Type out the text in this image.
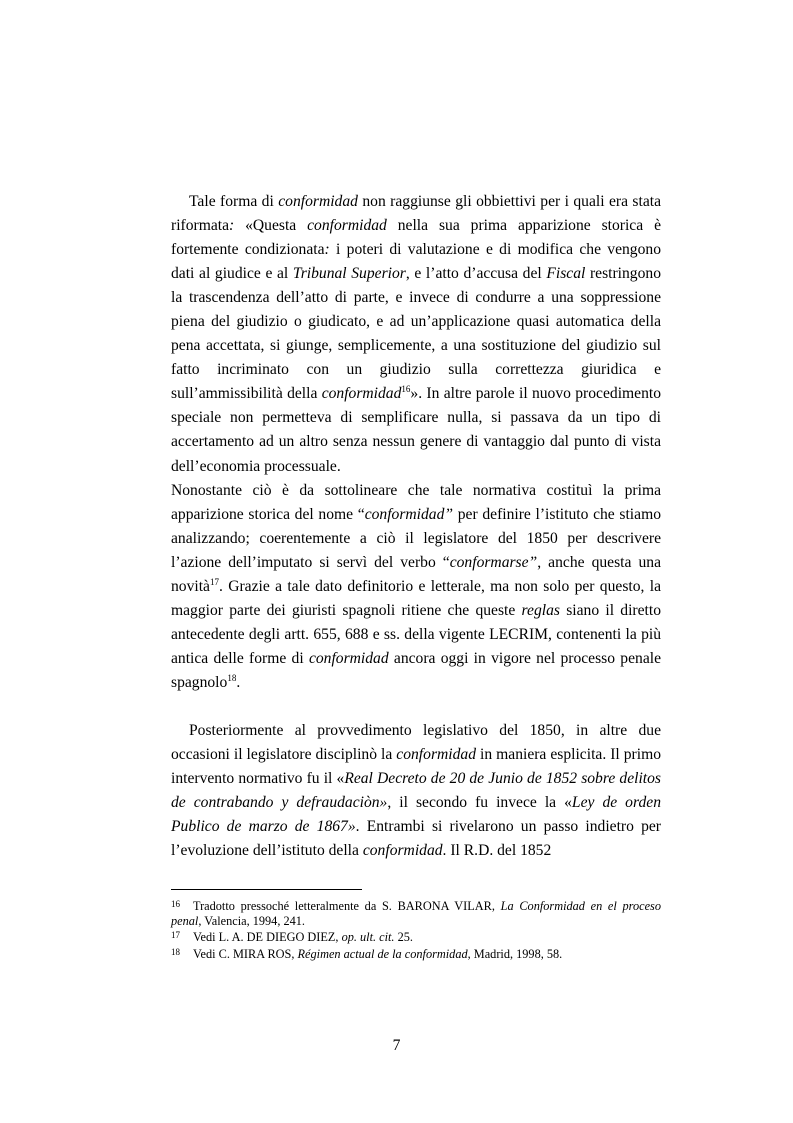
Tale forma di conformidad non raggiunse gli obbiettivi per i quali era stata riformata: «Questa conformidad nella sua prima apparizione storica è fortemente condizionata: i poteri di valutazione e di modifica che vengono dati al giudice e al Tribunal Superior, e l’atto d’accusa del Fiscal restringono la trascendenza dell’atto di parte, e invece di condurre a una soppressione piena del giudizio o giudicato, e ad un’applicazione quasi automatica della pena accettata, si giunge, semplicemente, a una sostituzione del giudizio sul fatto incriminato con un giudizio sulla correttezza giuridica e sull’ammissibilità della conformidad$^{16}$». In altre parole il nuovo procedimento speciale non permetteva di semplificare nulla, si passava da un tipo di accertamento ad un altro senza nessun genere di vantaggio dal punto di vista dell’economia processuale.

Nonostante ciò è da sottolineare che tale normativa costituì la prima apparizione storica del nome “conformidad” per definire l’istituto che stiamo analizzando; coerentemente a ciò il legislatore del 1850 per descrivere l’azione dell’imputato si servì del verbo “conformarse”, anche questa una novità$^{17}$. Grazie a tale dato definitorio e letterale, ma non solo per questo, la maggior parte dei giuristi spagnoli ritiene che queste reglas siano il diretto antecedente degli artt. 655, 688 e ss. della vigente LECRIM, contenenti la più antica delle forme di conformidad ancora oggi in vigore nel processo penale spagnolo$^{18}$.

Posteriormente al provvedimento legislativo del 1850, in altre due occasioni il legislatore disciplinò la conformidad in maniera esplicita. Il primo intervento normativo fu il «Real Decreto de 20 de Junio de 1852 sobre delitos de contrabando y defraudaciòn», il secondo fu invece la «Ley de orden Publico de marzo de 1867». Entrambi si rivelarono un passo indietro per l’evoluzione dell’istituto della conformidad. Il R.D. del 1852

16 Tradotto pressoché letteralmente da S. BARONA VILAR, La Conformidad en el proceso penal, Valencia, 1994, 241.

17 Vedi L. A. DE DIEGO DIEZ, op. ult. cit. 25.

18 Vedi C. MIRA ROS, Régimen actual de la conformidad, Madrid, 1998, 58.

7
